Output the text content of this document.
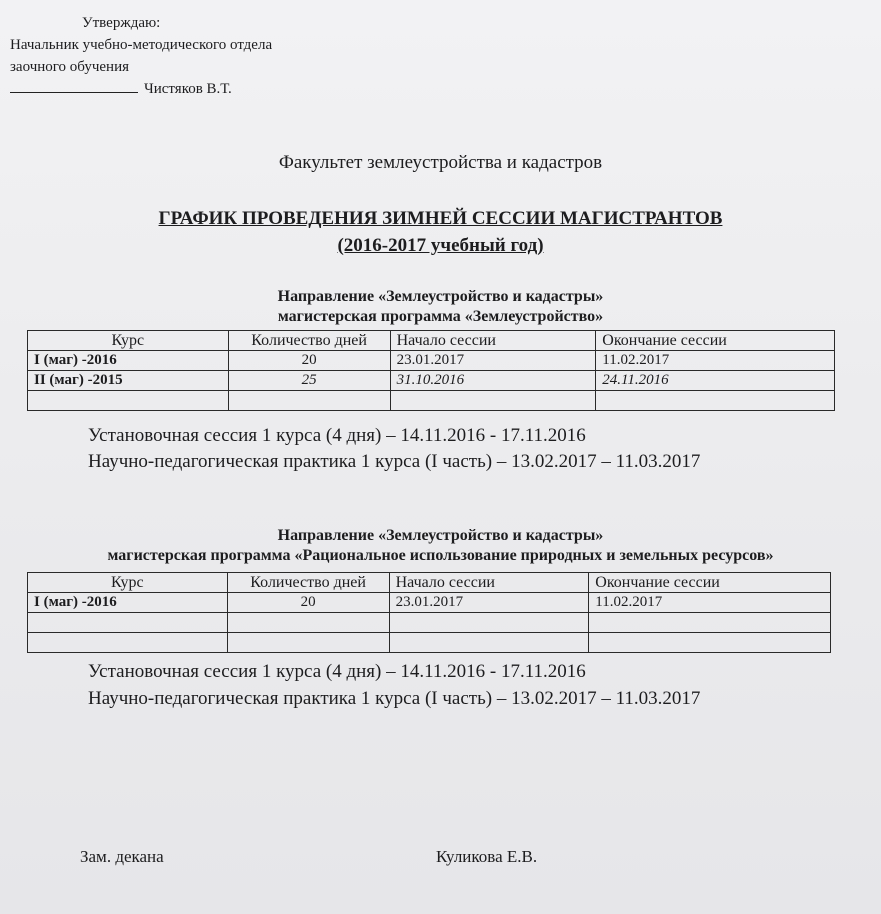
Утверждаю:
Начальник учебно-методического отдела
заочного обучения
Чистяков В.Т.
Факультет землеустройства и кадастров
ГРАФИК ПРОВЕДЕНИЯ ЗИМНЕЙ СЕССИИ МАГИСТРАНТОВ
(2016-2017 учебный год)
Направление «Землеустройство и кадастры»
магистерская программа «Землеустройство»
Курс	Количество дней	Начало сессии	Окончание сессии
I (маг) -2016	20	23.01.2017	11.02.2017
II (маг) -2015	25	31.10.2016	24.11.2016

Установочная сессия 1 курса (4 дня) – 14.11.2016 - 17.11.2016
Научно-педагогическая практика 1 курса (I часть) – 13.02.2017 – 11.03.2017
Направление «Землеустройство и кадастры»
магистерская программа «Рациональное использование природных и земельных ресурсов»
Курс	Количество дней	Начало сессии	Окончание сессии
I (маг) -2016	20	23.01.2017	11.02.2017

Установочная сессия 1 курса (4 дня) – 14.11.2016 - 17.11.2016
Научно-педагогическая практика 1 курса (I часть) – 13.02.2017 – 11.03.2017
Зам. декана	Куликова Е.В.
